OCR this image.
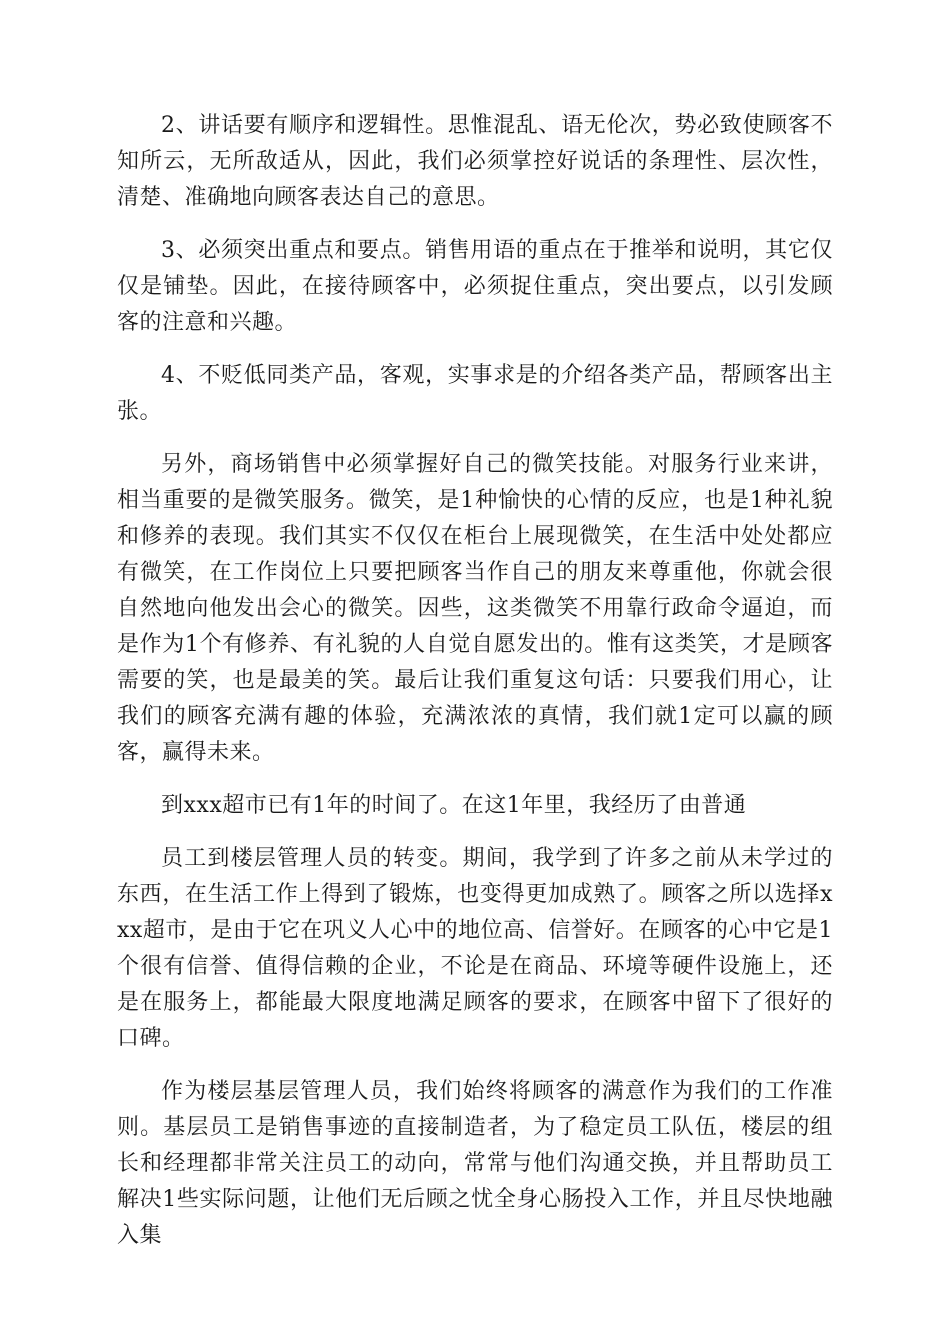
2、讲话要有顺序和逻辑性。思惟混乱、语无伦次，势必致使顾客不知所云，无所敌适从，因此，我们必须掌控好说话的条理性、层次性，清楚、准确地向顾客表达自己的意思。

3、必须突出重点和要点。销售用语的重点在于推举和说明，其它仅仅是铺垫。因此，在接待顾客中，必须捉住重点，突出要点，以引发顾客的注意和兴趣。

4、不贬低同类产品，客观，实事求是的介绍各类产品，帮顾客出主张。

另外，商场销售中必须掌握好自己的微笑技能。对服务行业来讲，相当重要的是微笑服务。微笑，是1种愉快的心情的反应，也是1种礼貌和修养的表现。我们其实不仅仅在柜台上展现微笑，在生活中处处都应有微笑，在工作岗位上只要把顾客当作自己的朋友来尊重他，你就会很自然地向他发出会心的微笑。因些，这类微笑不用靠行政命令逼迫，而是作为1个有修养、有礼貌的人自觉自愿发出的。惟有这类笑，才是顾客需要的笑，也是最美的笑。最后让我们重复这句话：只要我们用心，让我们的顾客充满有趣的体验，充满浓浓的真情，我们就1定可以赢的顾客，赢得未来。

到xxx超市已有1年的时间了。在这1年里，我经历了由普通

员工到楼层管理人员的转变。期间，我学到了许多之前从未学过的东西，在生活工作上得到了锻炼，也变得更加成熟了。顾客之所以选择xxx超市，是由于它在巩义人心中的地位高、信誉好。在顾客的心中它是1个很有信誉、值得信赖的企业，不论是在商品、环境等硬件设施上，还是在服务上，都能最大限度地满足顾客的要求，在顾客中留下了很好的口碑。

作为楼层基层管理人员，我们始终将顾客的满意作为我们的工作准则。基层员工是销售事迹的直接制造者，为了稳定员工队伍，楼层的组长和经理都非常关注员工的动向，常常与他们沟通交换，并且帮助员工解决1些实际问题，让他们无后顾之忧全身心肠投入工作，并且尽快地融入集
